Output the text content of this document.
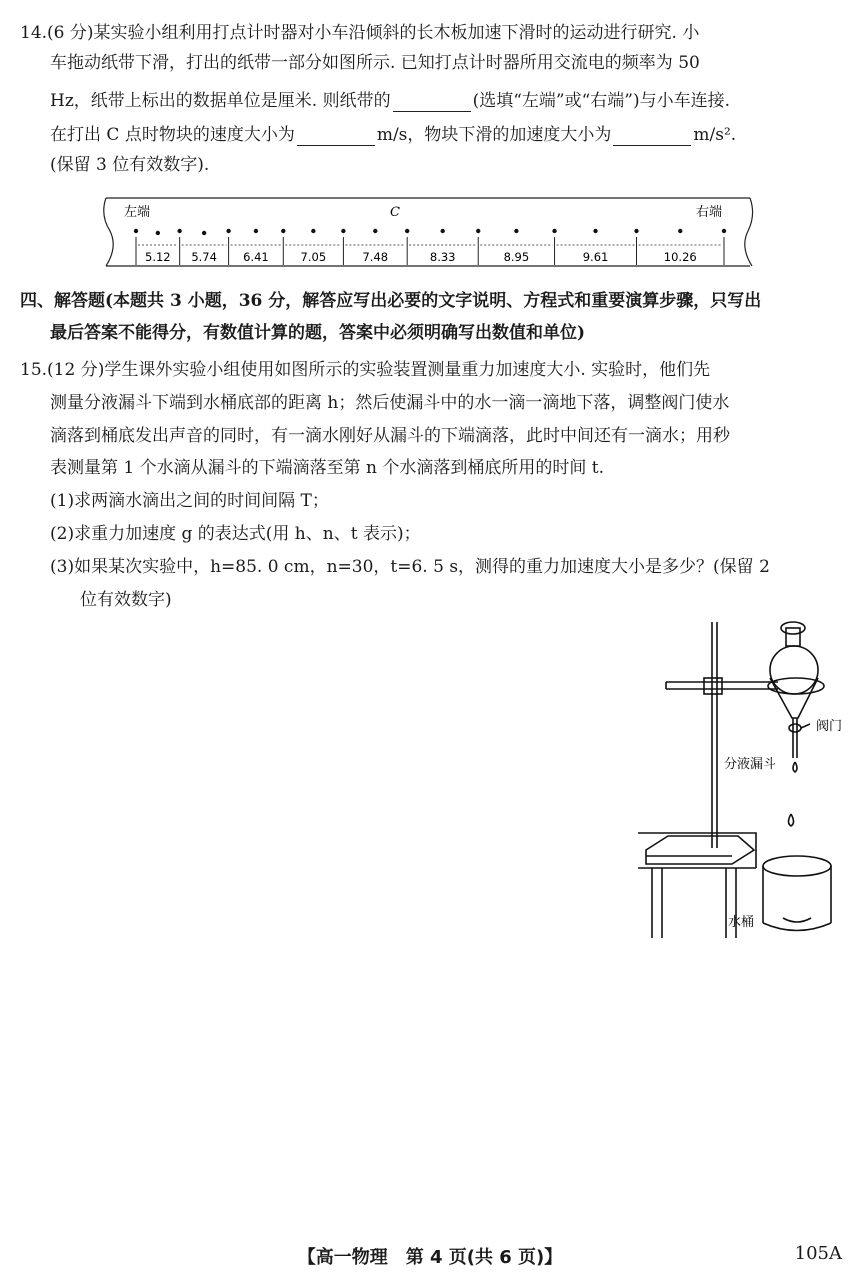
14.(6 分)某实验小组利用打点计时器对小车沿倾斜的长木板加速下滑时的运动进行研究. 小
车拖动纸带下滑，打出的纸带一部分如图所示. 已知打点计时器所用交流电的频率为 50
Hz，纸带上标出的数据单位是厘米. 则纸带的	(选填“左端”或“右端”)与小车连接.
在打出 C 点时物块的速度大小为	m/s，物块下滑的加速度大小为	m/s².
(保留 3 位有效数字).
左端	右端
C
5.12 5.74 6.41	7.05	7.48	8.33	8.95	9.61	10.26
四、解答题(本题共 3 小题，36 分，解答应写出必要的文字说明、方程式和重要演算步骤，只写出
最后答案不能得分，有数值计算的题，答案中必须明确写出数值和单位)
15.(12 分)学生课外实验小组使用如图所示的实验装置测量重力加速度大小. 实验时，他们先
测量分液漏斗下端到水桶底部的距离 h；然后使漏斗中的水一滴一滴地下落，调整阀门使水
滴落到桶底发出声音的同时，有一滴水刚好从漏斗的下端滴落，此时中间还有一滴水；用秒
表测量第 1 个水滴从漏斗的下端滴落至第 n 个水滴落到桶底所用的时间 t.
(1)求两滴水滴出之间的时间间隔 T；
(2)求重力加速度 g 的表达式(用 h、n、t 表示)；
(3)如果某次实验中，h=85. 0 cm，n=30，t=6. 5 s，测得的重力加速度大小是多少？(保留 2
位有效数字)
阀门
分液漏斗
水桶
【高一物理　第 4 页(共 6 页)】	105A
